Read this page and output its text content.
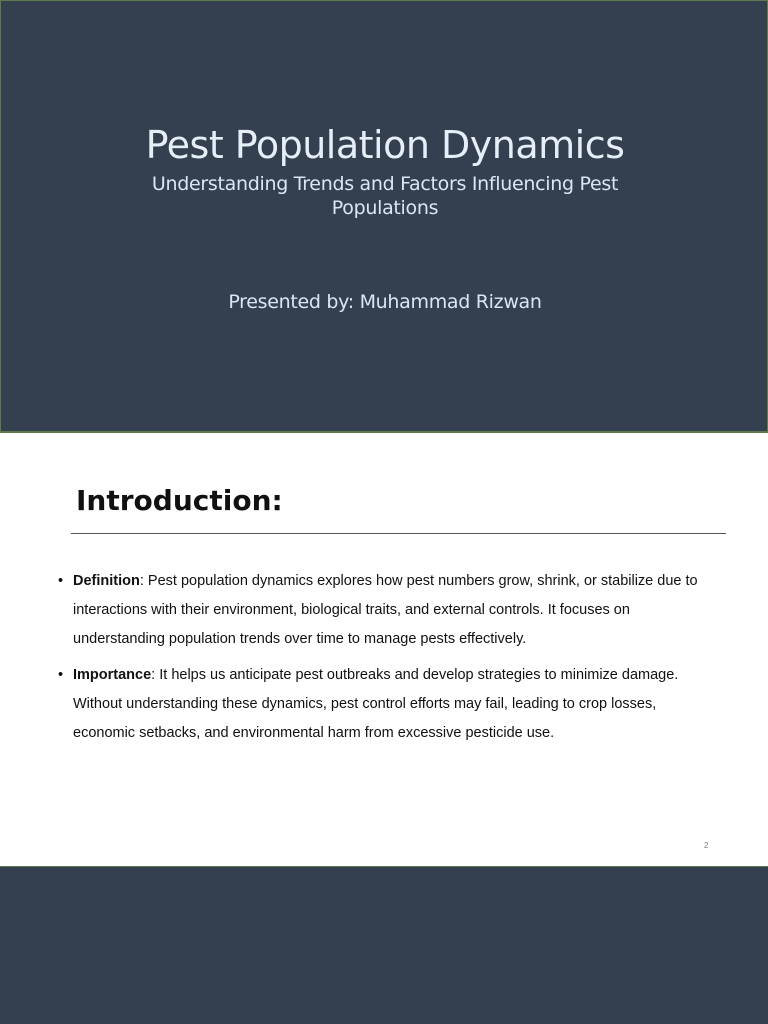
Pest Population Dynamics
Understanding Trends and Factors Influencing Pest Populations
Presented by: Muhammad Rizwan
Introduction:
• Definition: Pest population dynamics explores how pest numbers grow, shrink, or stabilize due to interactions with their environment, biological traits, and external controls. It focuses on understanding population trends over time to manage pests effectively.
• Importance: It helps us anticipate pest outbreaks and develop strategies to minimize damage. Without understanding these dynamics, pest control efforts may fail, leading to crop losses, economic setbacks, and environmental harm from excessive pesticide use.
2
